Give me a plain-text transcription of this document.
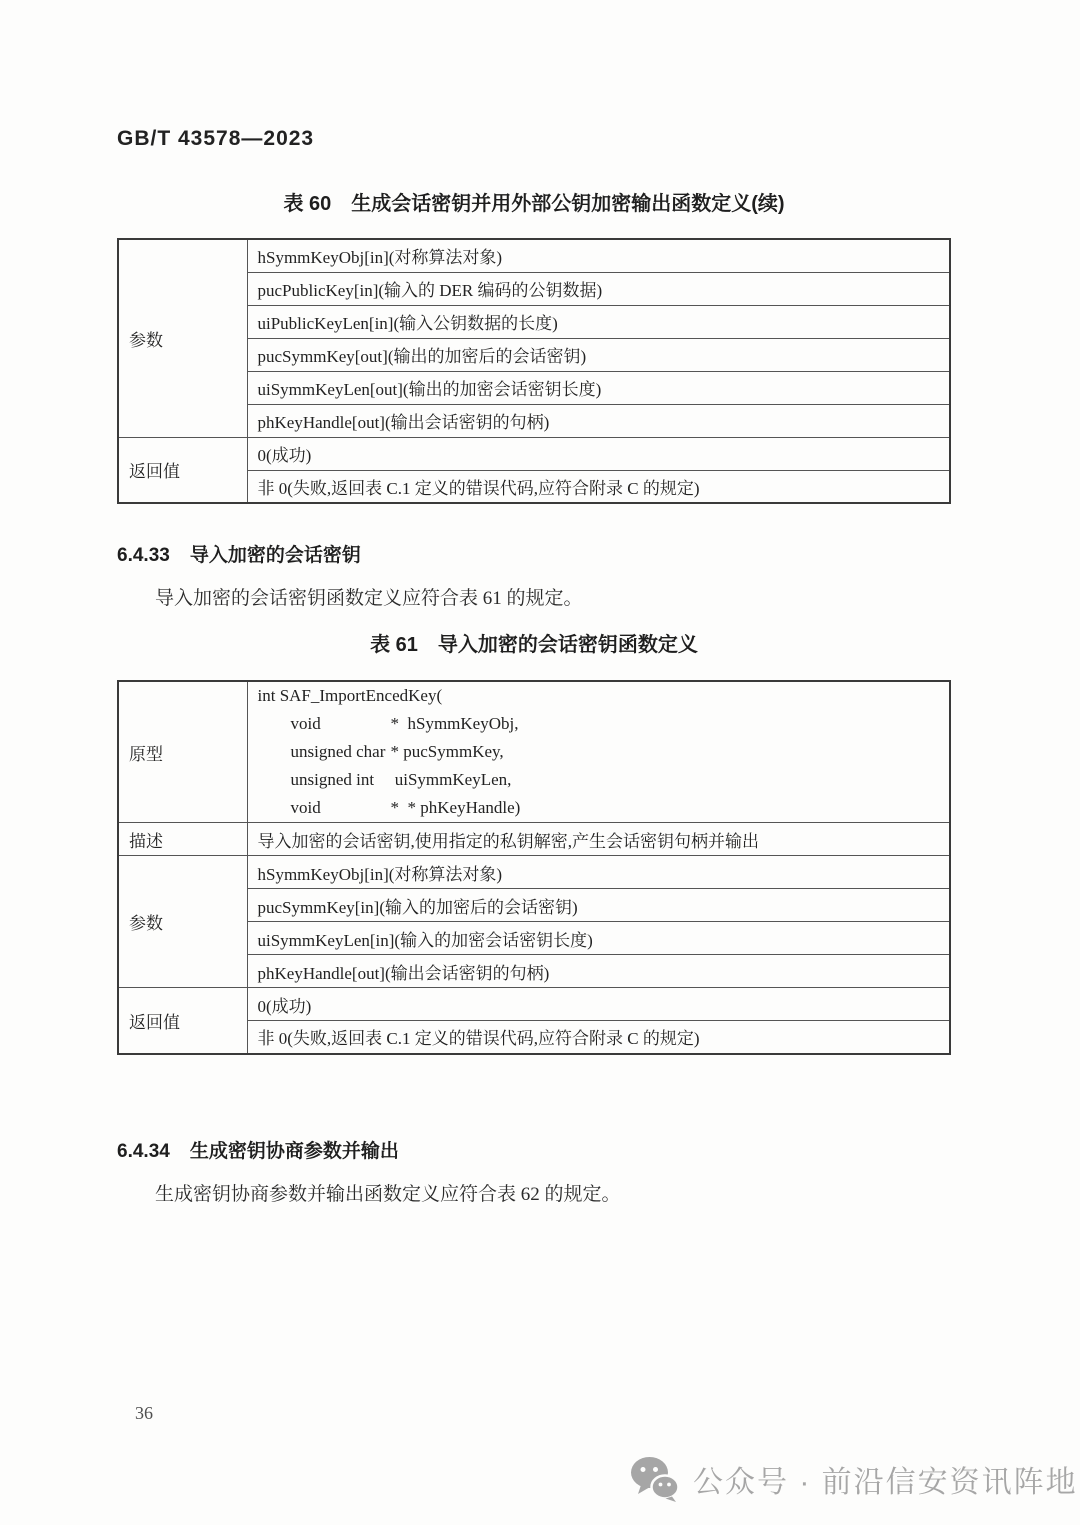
GB/T 43578—2023
表 60　生成会话密钥并用外部公钥加密输出函数定义(续)
参数	hSymmKeyObj[in](对称算法对象)
	pucPublicKey[in](输入的 DER 编码的公钥数据)
	uiPublicKeyLen[in](输入公钥数据的长度)
	pucSymmKey[out](输出的加密后的会话密钥)
	uiSymmKeyLen[out](输出的加密会话密钥长度)
	phKeyHandle[out](输出会话密钥的句柄)
返回值	0(成功)
	非 0(失败,返回表 C.1 定义的错误代码,应符合附录 C 的规定)
6.4.33 导入加密的会话密钥

导入加密的会话密钥函数定义应符合表 61 的规定。

表 61　导入加密的会话密钥函数定义
原型	int SAF_ImportEncedKey(
void *  hSymmKeyObj,
unsigned char * pucSymmKey,
unsigned int uiSymmKeyLen,
void *  * phKeyHandle)

描述	导入加密的会话密钥,使用指定的私钥解密,产生会话密钥句柄并输出
参数	hSymmKeyObj[in](对称算法对象)
	pucSymmKey[in](输入的加密后的会话密钥)
	uiSymmKeyLen[in](输入的加密会话密钥长度)
	phKeyHandle[out](输出会话密钥的句柄)
返回值	0(成功)
	非 0(失败,返回表 C.1 定义的错误代码,应符合附录 C 的规定)
6.4.34 生成密钥协商参数并输出

生成密钥协商参数并输出函数定义应符合表 62 的规定。

36
公众号 · 前沿信安资讯阵地
